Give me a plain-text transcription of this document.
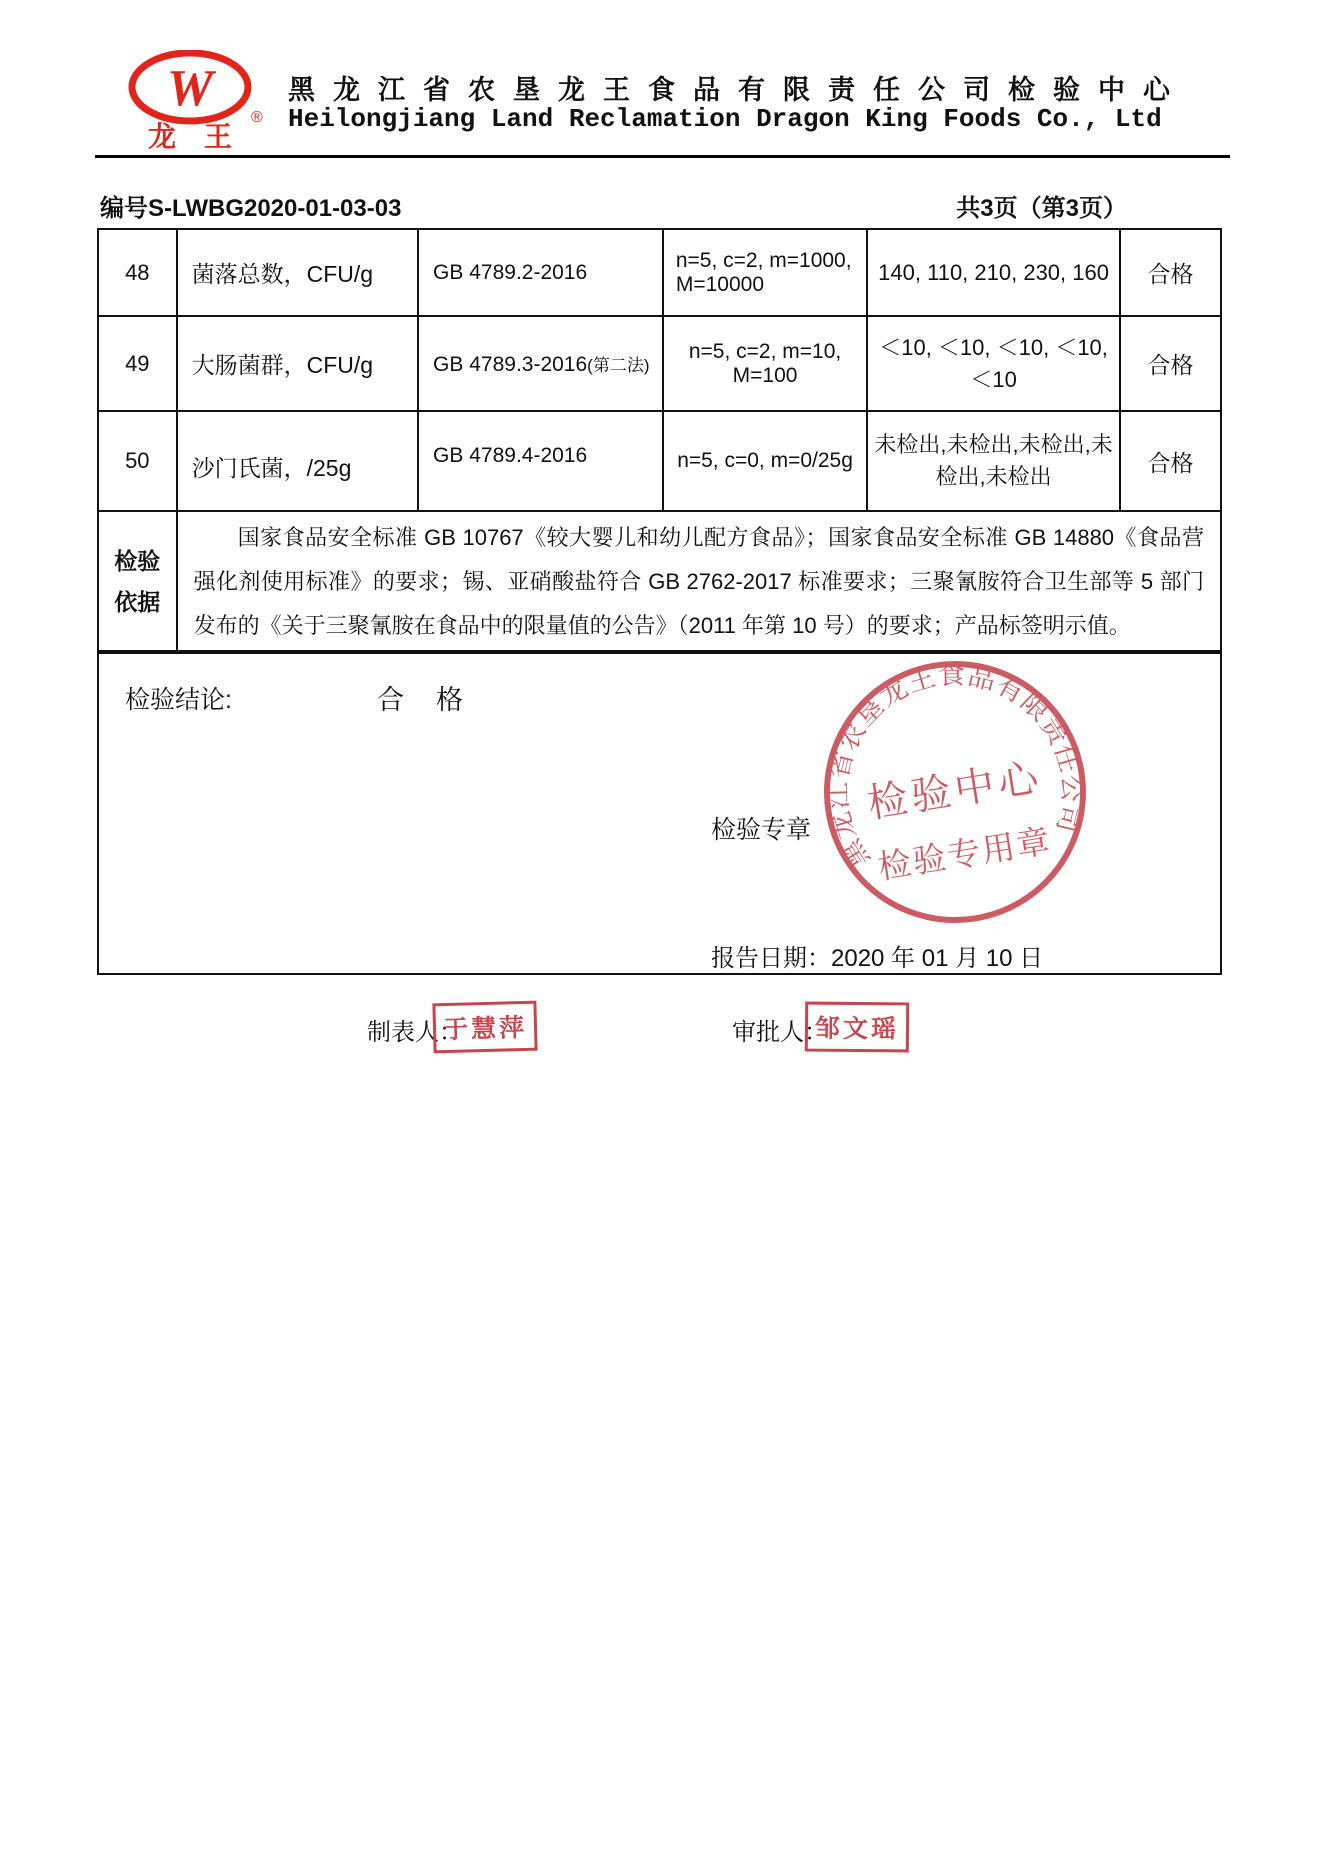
W
龙王
®
黑龙江省农垦龙王食品有限责任公司检验中心
Heilongjiang Land Reclamation Dragon King Foods Co., Ltd
编号S-LWBG2020-01-03-03	共3页（第3页）
48	菌落总数，CFU/g	GB 4789.2-2016	n=5, c=2, m=1000, M=10000	140, 110, 210, 230, 160	合格
49	大肠菌群，CFU/g	GB 4789.3-2016(第二法)	n=5, c=2, m=10, M=100	＜10, ＜10, ＜10, ＜10, ＜10	合格
50	沙门氏菌，/25g	GB 4789.4-2016	n=5, c=0, m=0/25g	未检出,未检出,未检出,未检出,未检出	合格
检验依据	国家食品安全标准 GB 10767《较大婴儿和幼儿配方食品》；国家食品安全标准 GB 14880《食品营强化剂使用标准》的要求；锡、亚硝酸盐符合 GB 2762-2017 标准要求；三聚氰胺符合卫生部等 5 部门发布的《关于三聚氰胺在食品中的限量值的公告》（2011 年第 10 号）的要求；产品标签明示值。				
检验结论:	合格
检验专章
黑龙江省农垦龙王食品有限责任公司
检验中心
检验专用章
报告日期：2020 年 01 月 10 日
制表人：
于慧萍	审批人：
邹文瑶
